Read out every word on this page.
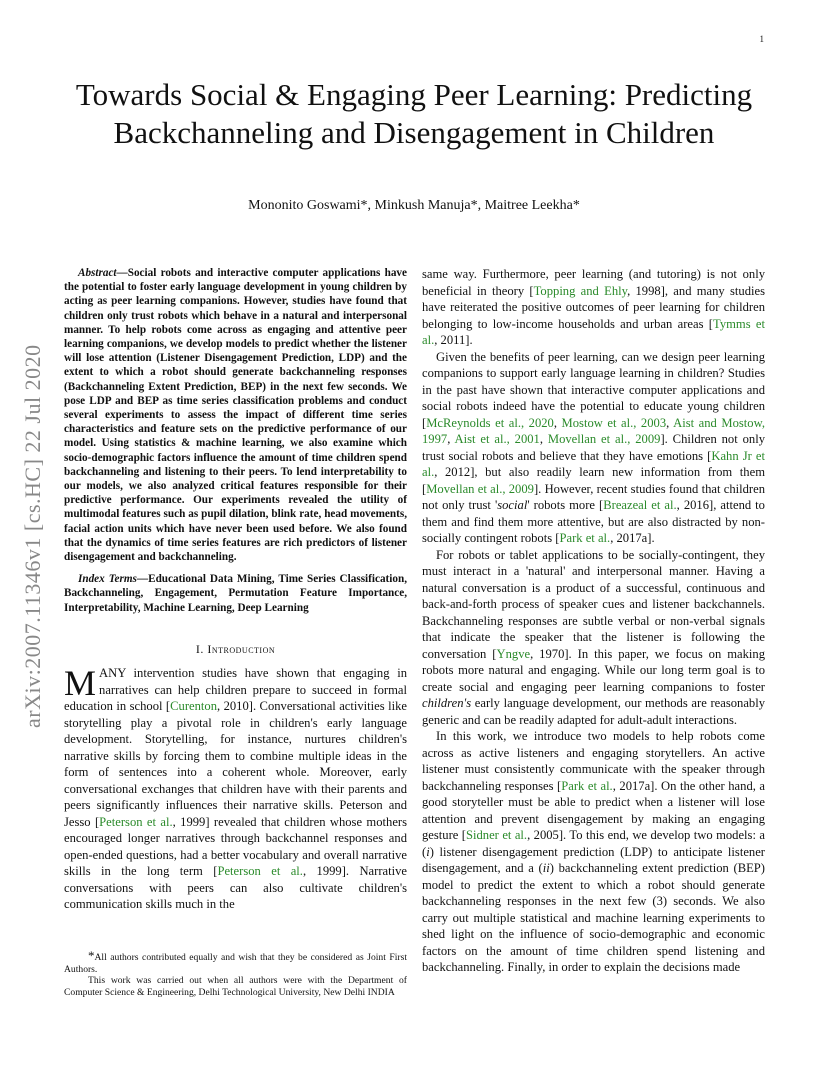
1
arXiv:2007.11346v1 [cs.HC] 22 Jul 2020
Towards Social & Engaging Peer Learning: Predicting Backchanneling and Disengagement in Children
Mononito Goswami*, Minkush Manuja*, Maitree Leekha*

Abstract—Social robots and interactive computer applications have the potential to foster early language development in young children by acting as peer learning companions. However, studies have found that children only trust robots which behave in a natural and interpersonal manner. To help robots come across as engaging and attentive peer learning companions, we develop models to predict whether the listener will lose attention (Listener Disengagement Prediction, LDP) and the extent to which a robot should generate backchanneling responses (Backchanneling Extent Prediction, BEP) in the next few seconds. We pose LDP and BEP as time series classification problems and conduct several experiments to assess the impact of different time series characteristics and feature sets on the predictive performance of our model. Using statistics & machine learning, we also examine which socio-demographic factors influence the amount of time children spend backchanneling and listening to their peers. To lend interpretability to our models, we also analyzed critical features responsible for their predictive performance. Our experiments revealed the utility of multimodal features such as pupil dilation, blink rate, head movements, facial action units which have never been used before. We also found that the dynamics of time series features are rich predictors of listener disengagement and backchanneling.

Index Terms—Educational Data Mining, Time Series Classification, Backchanneling, Engagement, Permutation Feature Importance, Interpretability, Machine Learning, Deep Learning

I. Introduction

MANY intervention studies have shown that engaging in narratives can help children prepare to succeed in formal education in school [Curenton, 2010]. Conversational activities like storytelling play a pivotal role in children's early language development. Storytelling, for instance, nurtures children's narrative skills by forcing them to combine multiple ideas in the form of sentences into a coherent whole. Moreover, early conversational exchanges that children have with their parents and peers significantly influences their narrative skills. Peterson and Jesso [Peterson et al., 1999] revealed that children whose mothers encouraged longer narratives through backchannel responses and open-ended questions, had a better vocabulary and overall narrative skills in the long term [Peterson et al., 1999]. Narrative conversations with peers can also cultivate children's communication skills much in the

*All authors contributed equally and wish that they be considered as Joint First Authors.

This work was carried out when all authors were with the Department of Computer Science & Engineering, Delhi Technological University, New Delhi INDIA

same way. Furthermore, peer learning (and tutoring) is not only beneficial in theory [Topping and Ehly, 1998], and many studies have reiterated the positive outcomes of peer learning for children belonging to low-income households and urban areas [Tymms et al., 2011].

Given the benefits of peer learning, can we design peer learning companions to support early language learning in children? Studies in the past have shown that interactive computer applications and social robots indeed have the potential to educate young children [McReynolds et al., 2020, Mostow et al., 2003, Aist and Mostow, 1997, Aist et al., 2001, Movellan et al., 2009]. Children not only trust social robots and believe that they have emotions [Kahn Jr et al., 2012], but also readily learn new information from them [Movellan et al., 2009]. However, recent studies found that children not only trust 'social' robots more [Breazeal et al., 2016], attend to them and find them more attentive, but are also distracted by non-socially contingent robots [Park et al., 2017a].

For robots or tablet applications to be socially-contingent, they must interact in a 'natural' and interpersonal manner. Having a natural conversation is a product of a successful, continuous and back-and-forth process of speaker cues and listener backchannels. Backchanneling responses are subtle verbal or non-verbal signals that indicate the speaker that the listener is following the conversation [Yngve, 1970]. In this paper, we focus on making robots more natural and engaging. While our long term goal is to create social and engaging peer learning companions to foster children's early language development, our methods are reasonably generic and can be readily adapted for adult-adult interactions.

In this work, we introduce two models to help robots come across as active listeners and engaging storytellers. An active listener must consistently communicate with the speaker through backchanneling responses [Park et al., 2017a]. On the other hand, a good storyteller must be able to predict when a listener will lose attention and prevent disengagement by making an engaging gesture [Sidner et al., 2005]. To this end, we develop two models: a (i) listener disengagement prediction (LDP) to anticipate listener disengagement, and a (ii) backchanneling extent prediction (BEP) model to predict the extent to which a robot should generate backchanneling responses in the next few (3) seconds. We also carry out multiple statistical and machine learning experiments to shed light on the influence of socio-demographic and economic factors on the amount of time children spend listening and backchanneling. Finally, in order to explain the decisions made
